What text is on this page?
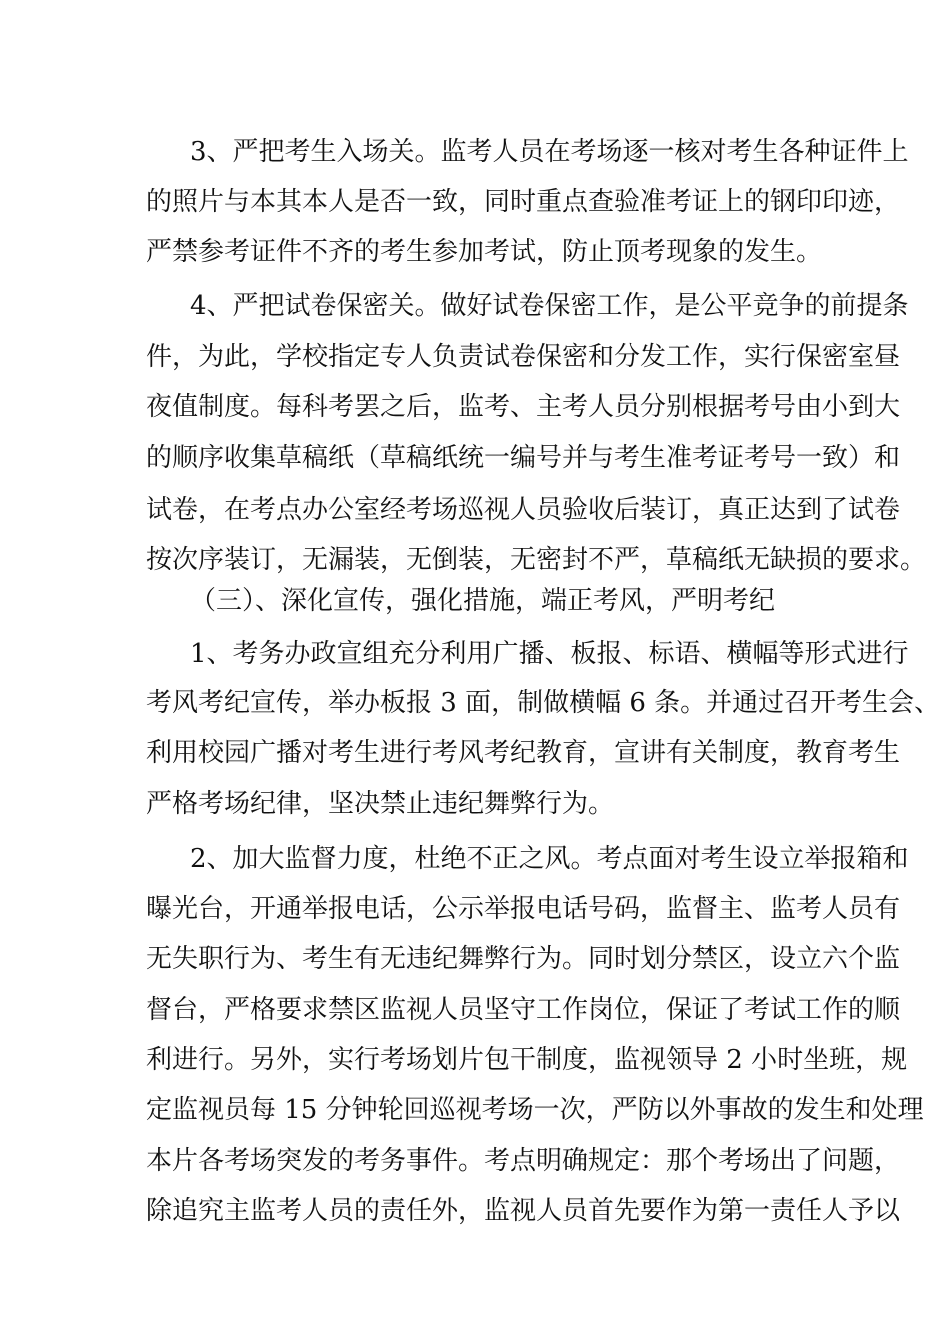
3、严把考生入场关。监考人员在考场逐一核对考生各种证件上

的照片与本其本人是否一致，同时重点查验准考证上的钢印印迹，

严禁参考证件不齐的考生参加考试，防止顶考现象的发生。

4、严把试卷保密关。做好试卷保密工作，是公平竞争的前提条

件，为此，学校指定专人负责试卷保密和分发工作，实行保密室昼

夜值制度。每科考罢之后，监考、主考人员分别根据考号由小到大

的顺序收集草稿纸（草稿纸统一编号并与考生准考证考号一致）和

试卷，在考点办公室经考场巡视人员验收后装订，真正达到了试卷

按次序装订，无漏装，无倒装，无密封不严，草稿纸无缺损的要求。

（三）、深化宣传，强化措施，端正考风，严明考纪

1、考务办政宣组充分利用广播、板报、标语、横幅等形式进行

考风考纪宣传，举办板报 3 面，制做横幅 6 条。并通过召开考生会、

利用校园广播对考生进行考风考纪教育，宣讲有关制度，教育考生

严格考场纪律，坚决禁止违纪舞弊行为。

2、加大监督力度，杜绝不正之风。考点面对考生设立举报箱和

曝光台，开通举报电话，公示举报电话号码，监督主、监考人员有

无失职行为、考生有无违纪舞弊行为。同时划分禁区，设立六个监

督台，严格要求禁区监视人员坚守工作岗位，保证了考试工作的顺

利进行。另外，实行考场划片包干制度，监视领导 2 小时坐班，规

定监视员每 15 分钟轮回巡视考场一次，严防以外事故的发生和处理

本片各考场突发的考务事件。考点明确规定：那个考场出了问题，

除追究主监考人员的责任外，监视人员首先要作为第一责任人予以
